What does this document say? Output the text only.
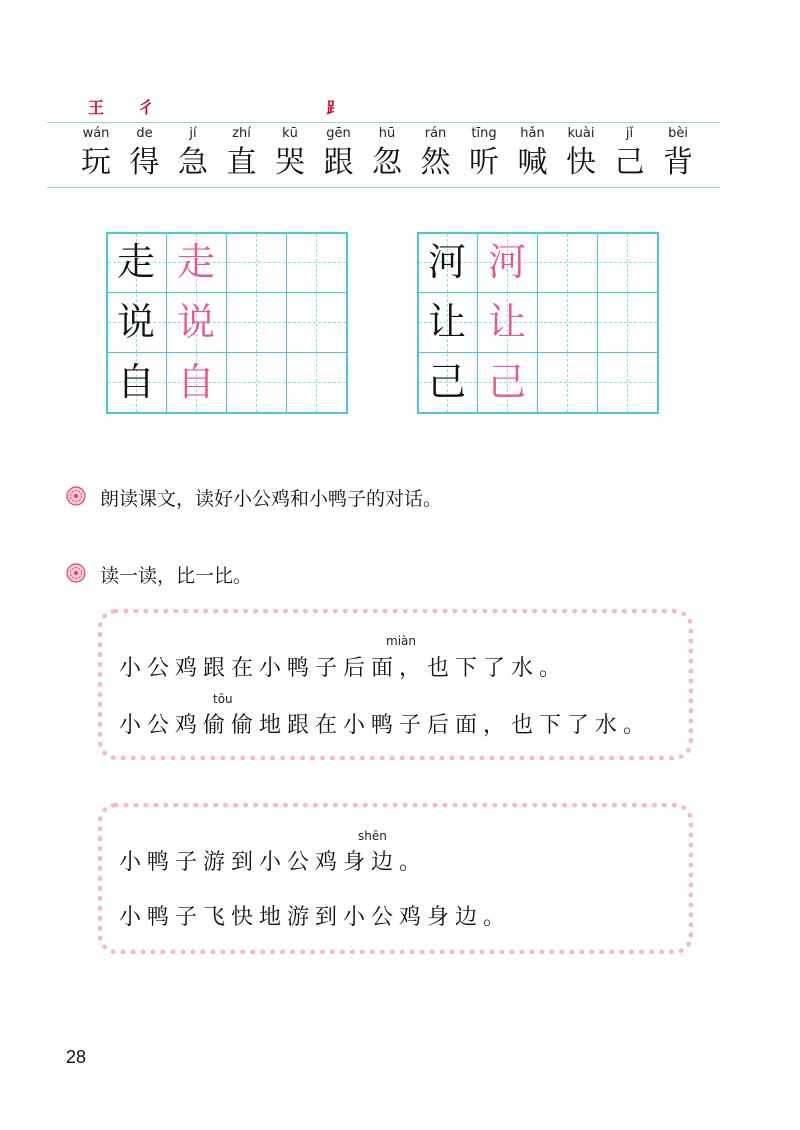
王 彳	⻊
wán
玩
de
得
jí
急
zhí
直
kū
哭
gēn
跟
hū
忽
rán
然
tīng
听
hǎn
喊
kuài
快
jǐ
己
bèi
背
走 走
说 说
自 自
河 河
让 让
己 己
朗读课文，读好小公鸡和小鸭子的对话。
读一读，比一比。
miàn
小公鸡跟在小鸭子后面，也下了水。
tōu
小公鸡偷偷地跟在小鸭子后面，也下了水。
shēn
小鸭子游到小公鸡身边。
小鸭子飞快地游到小公鸡身边。
28
